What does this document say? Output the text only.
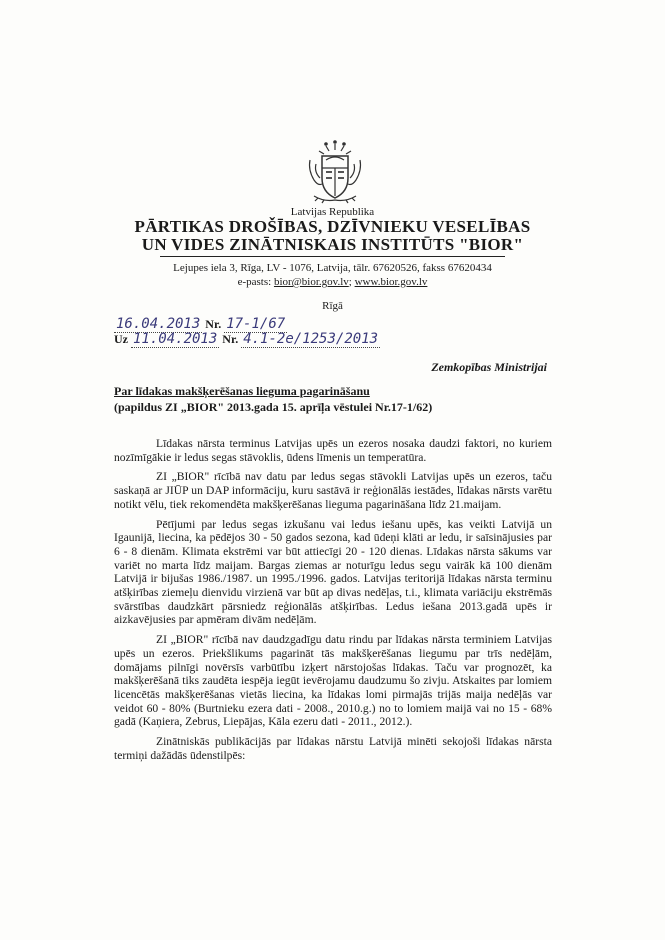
Latvijas Republika
PĀRTIKAS DROŠĪBAS, DZĪVNIEKU VESELĪBAS
UN VIDES ZINĀTNISKAIS INSTITŪTS "BIOR"
Lejupes iela 3, Rīga, LV - 1076, Latvija, tālr. 67620526, fakss 67620434
e-pasts: bior@bior.gov.lv; www.bior.gov.lv
Rīgā
16.04.2013 Nr. 17-1/67
Uz 11.04.2013 Nr. 4.1-2e/1253/2013
Zemkopības Ministrijai
Par līdakas makšķerēšanas lieguma pagarināšanu
(papildus ZI „BIOR" 2013.gada 15. aprīļa vēstulei Nr.17-1/62)

Līdakas nārsta terminus Latvijas upēs un ezeros nosaka daudzi faktori, no kuriem nozīmīgākie ir ledus segas stāvoklis, ūdens līmenis un temperatūra.

ZI „BIOR" rīcībā nav datu par ledus segas stāvokli Latvijas upēs un ezeros, taču saskaņā ar JIŪP un DAP informāciju, kuru sastāvā ir reģionālās iestādes, līdakas nārsts varētu notikt vēlu, tiek rekomendēta makšķerēšanas lieguma pagarināšana līdz 21.maijam.

Pētījumi par ledus segas izkušanu vai ledus iešanu upēs, kas veikti Latvijā un Igaunijā, liecina, ka pēdējos 30 - 50 gados sezona, kad ūdeņi klāti ar ledu, ir saīsinājusies par 6 - 8 dienām. Klimata ekstrēmi var būt attiecīgi 20 - 120 dienas. Līdakas nārsta sākums var variēt no marta līdz maijam. Bargas ziemas ar noturīgu ledus segu vairāk kā 100 dienām Latvijā ir bijušas 1986./1987. un 1995./1996. gados. Latvijas teritorijā līdakas nārsta terminu atšķirības ziemeļu dienvidu virzienā var būt ap divas nedēļas, t.i., klimata variāciju ekstrēmās svārstības daudzkārt pārsniedz reģionālās atšķirības. Ledus iešana 2013.gadā upēs ir aizkavējusies par apmēram divām nedēļām.

ZI „BIOR" rīcībā nav daudzgadīgu datu rindu par līdakas nārsta terminiem Latvijas upēs un ezeros. Priekšlikums pagarināt tās makšķerēšanas liegumu par trīs nedēļām, domājams pilnīgi novērsīs varbūtību izķert nārstojošas līdakas. Taču var prognozēt, ka makšķerēšanā tiks zaudēta iespēja iegūt ievērojamu daudzumu šo zivju. Atskaites par lomiem licencētās makšķerēšanas vietās liecina, ka līdakas lomi pirmajās trijās maija nedēļās var veidot 60 - 80% (Burtnieku ezera dati - 2008., 2010.g.) no to lomiem maijā vai no 15 - 68% gadā (Kaņiera, Zebrus, Liepājas, Kāla ezeru dati - 2011., 2012.).

Zinātniskās publikācijās par līdakas nārstu Latvijā minēti sekojoši līdakas nārsta termiņi dažādās ūdenstilpēs:
